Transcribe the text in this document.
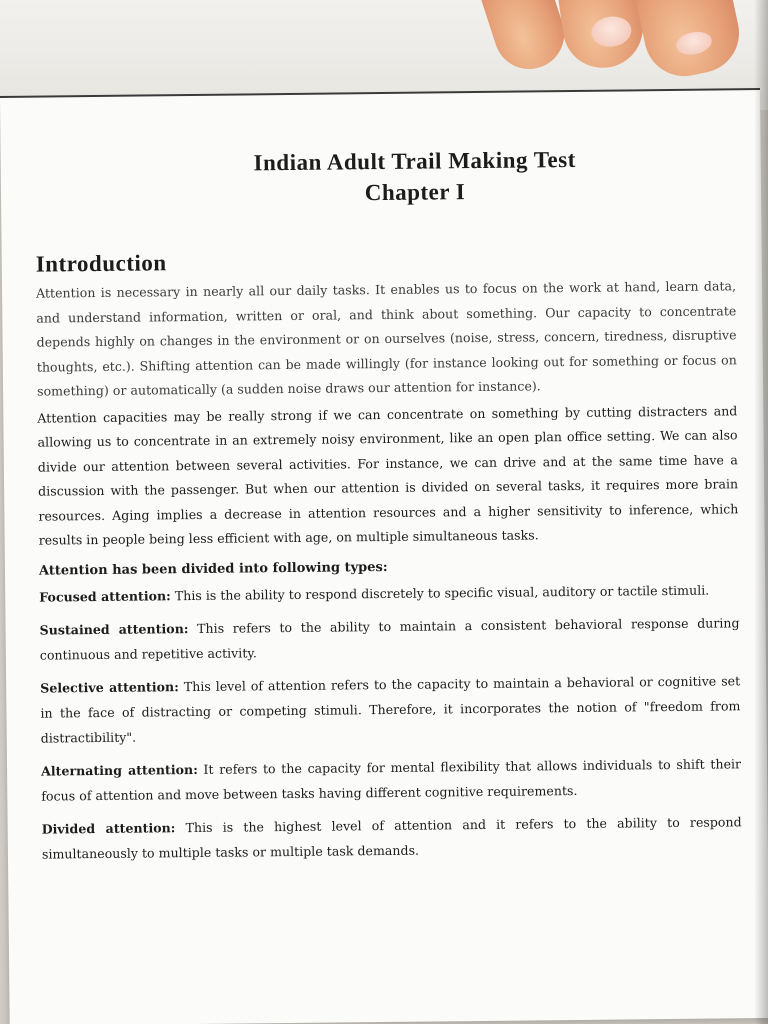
Indian Adult Trail Making Test
Chapter I
Introduction

Attention is necessary in nearly all our daily tasks. It enables us to focus on the work at hand, learn data, and understand information, written or oral, and think about something. Our capacity to concentrate depends highly on changes in the environment or on ourselves (noise, stress, concern, tiredness, disruptive thoughts, etc.). Shifting attention can be made willingly (for instance looking out for something or focus on something) or automatically (a sudden noise draws our attention for instance).

Attention capacities may be really strong if we can concentrate on something by cutting distracters and allowing us to concentrate in an extremely noisy environment, like an open plan office setting. We can also divide our attention between several activities. For instance, we can drive and at the same time have a discussion with the passenger. But when our attention is divided on several tasks, it requires more brain resources. Aging implies a decrease in attention resources and a higher sensitivity to inference, which results in people being less efficient with age, on multiple simultaneous tasks.

Attention has been divided into following types:

Focused attention: This is the ability to respond discretely to specific visual, auditory or tactile stimuli.

Sustained attention: This refers to the ability to maintain a consistent behavioral response during continuous and repetitive activity.

Selective attention: This level of attention refers to the capacity to maintain a behavioral or cognitive set in the face of distracting or competing stimuli. Therefore, it incorporates the notion of "freedom from distractibility".

Alternating attention: It refers to the capacity for mental flexibility that allows individuals to shift their focus of attention and move between tasks having different cognitive requirements.

Divided attention: This is the highest level of attention and it refers to the ability to respond simultaneously to multiple tasks or multiple task demands.
